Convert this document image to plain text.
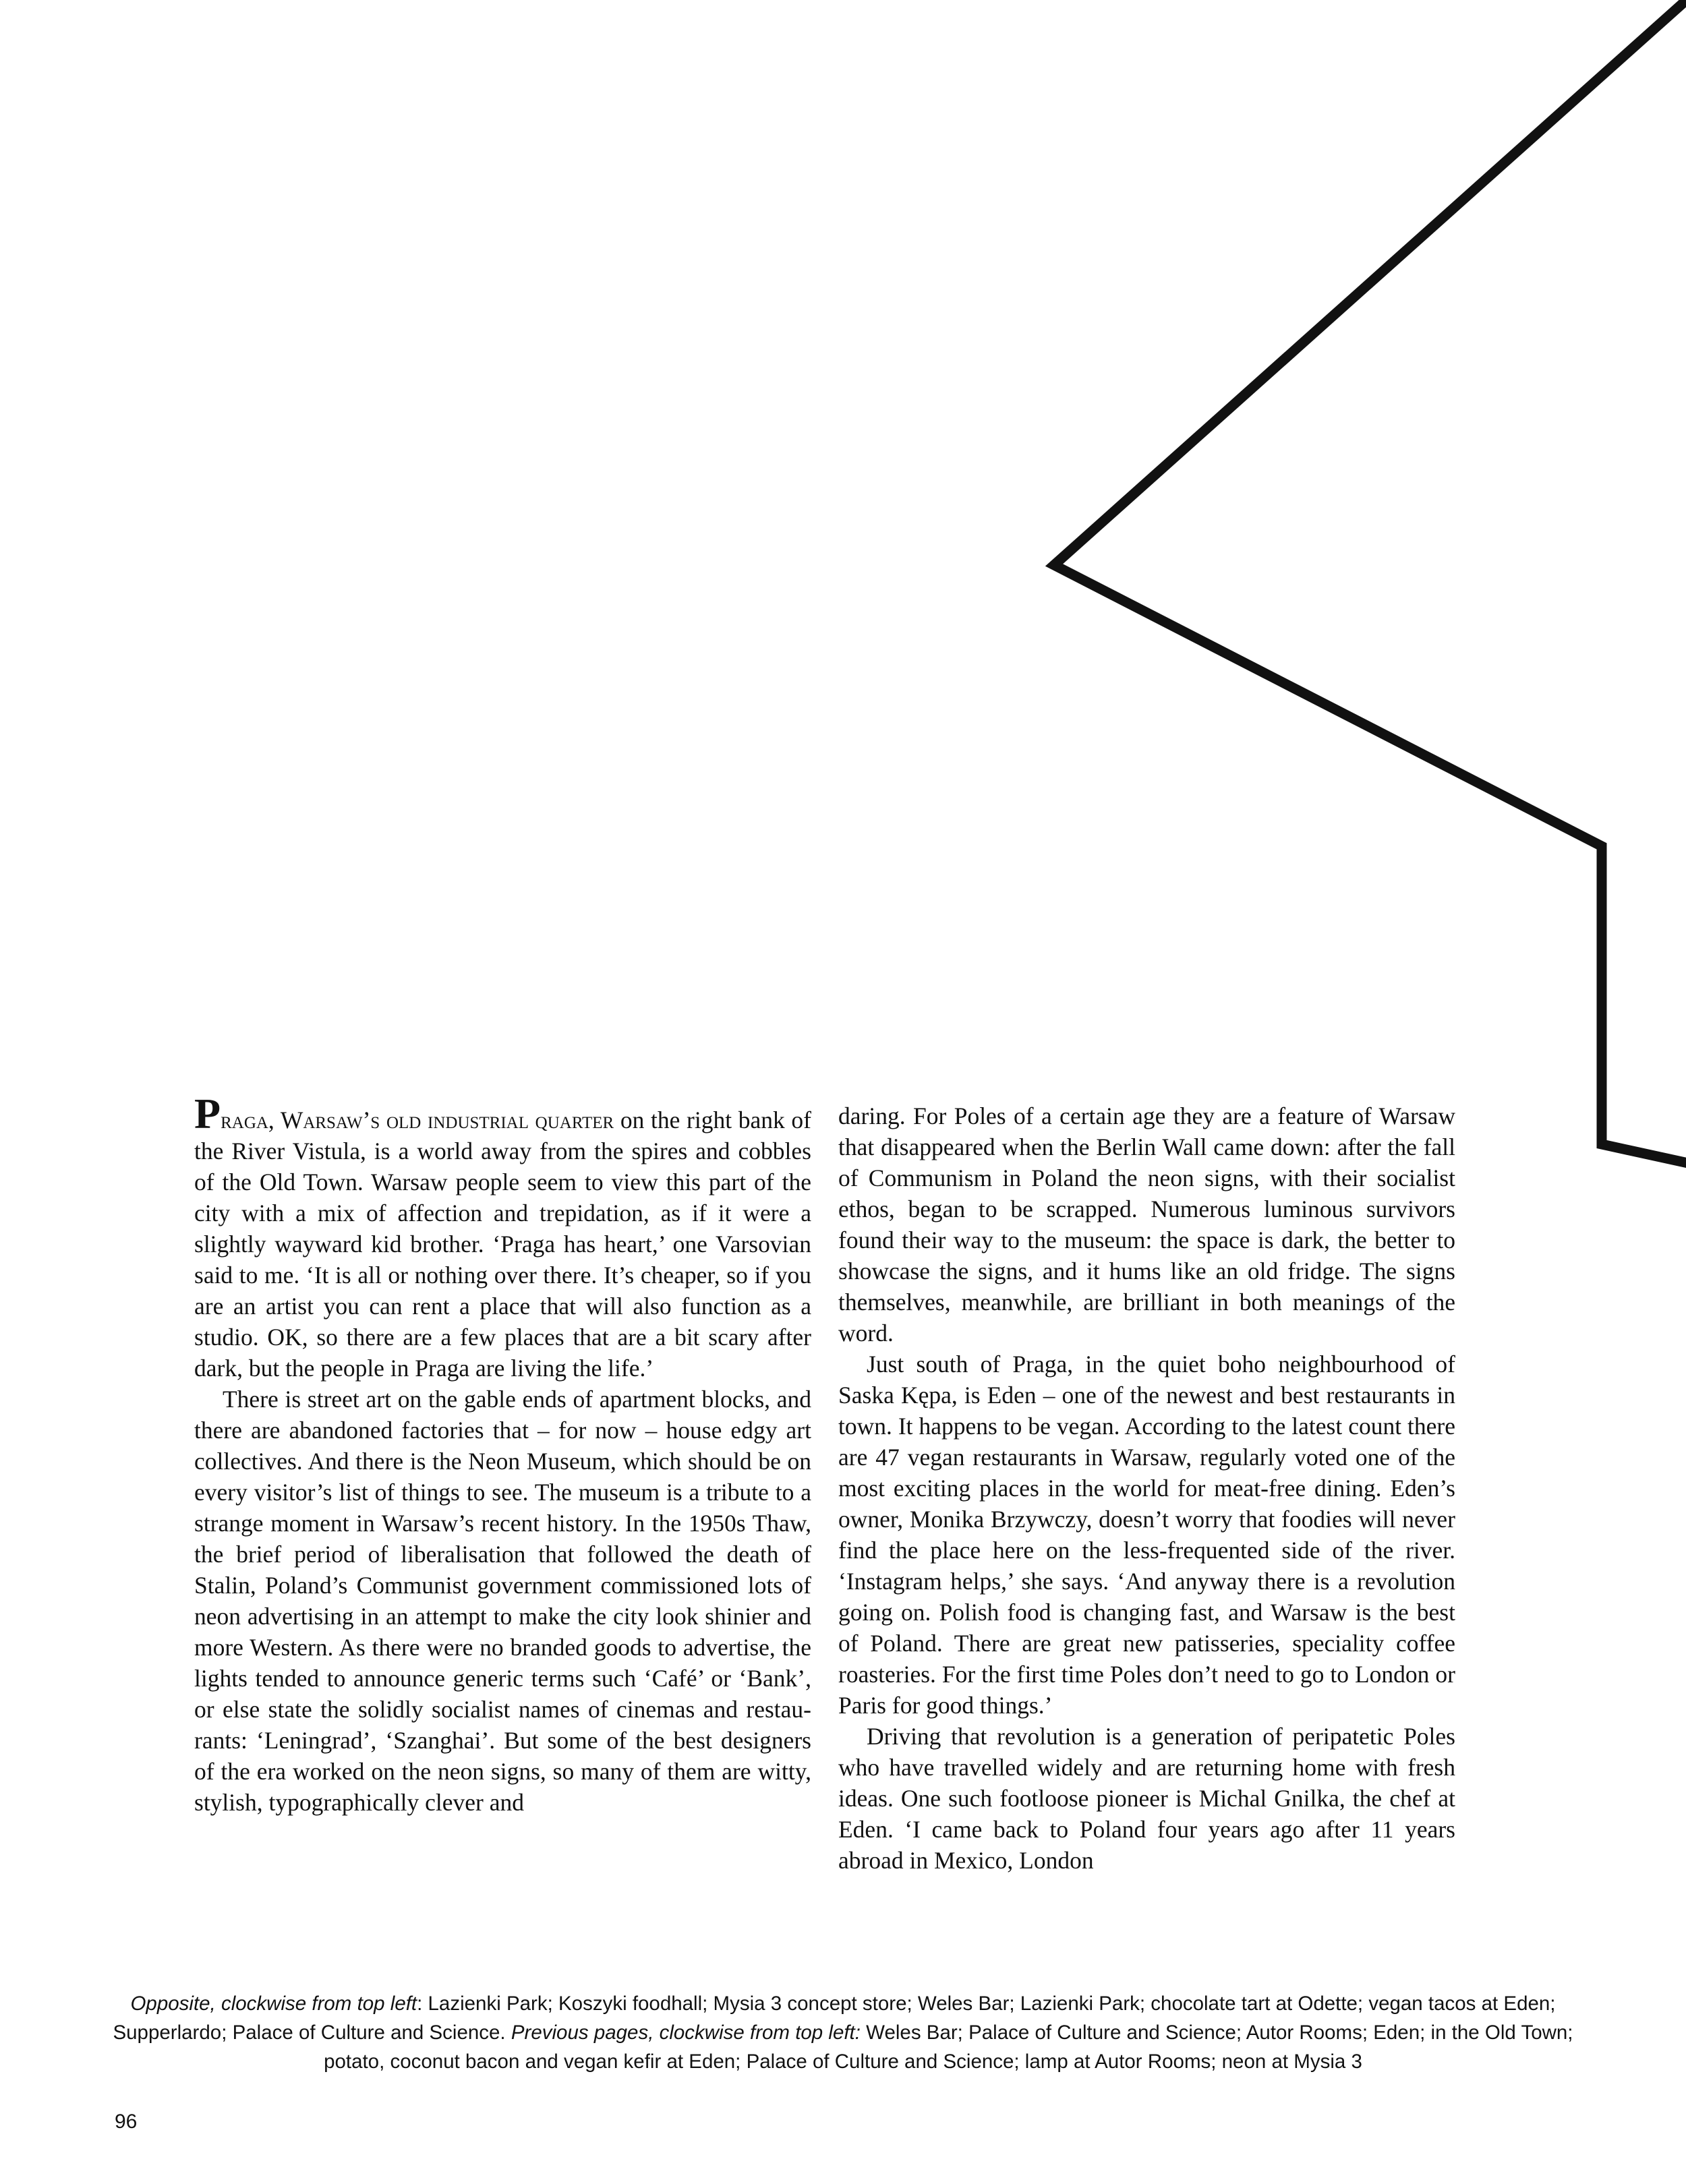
Praga, Warsaw’s old industrial quarter on the right bank of the River Vistula, is a world away from the spires and cobbles of the Old Town. Warsaw people seem to view this part of the city with a mix of affection and trepidation, as if it were a slightly wayward kid brother. ‘Praga has heart,’ one Varsovian said to me. ‘It is all or nothing over there. It’s cheaper, so if you are an artist you can rent a place that will also function as a studio. OK, so there are a few places that are a bit scary after dark, but the people in Praga are living the life.’

There is street art on the gable ends of apartment blocks, and there are abandoned factories that – for now – house edgy art collectives. And there is the Neon Museum, which should be on every visitor’s list of things to see. The museum is a tribute to a strange moment in Warsaw’s recent history. In the 1950s Thaw, the brief period of liberalisation that followed the death of Stalin, Poland’s Communist government commissioned lots of neon advertising in an attempt to make the city look shinier and more Western. As there were no branded goods to advertise, the lights tended to announce generic terms such ‘Café’ or ‘Bank’, or else state the solidly socialist names of cinemas and restaurants: ‘Leningrad’, ‘Szanghai’. But some of the best designers of the era worked on the neon signs, so many of them are witty, stylish, typographically clever and

daring. For Poles of a certain age they are a feature of Warsaw that disappeared when the Berlin Wall came down: after the fall of Communism in Poland the neon signs, with their socialist ethos, began to be scrapped. Numerous luminous survivors found their way to the museum: the space is dark, the better to showcase the signs, and it hums like an old fridge. The signs themselves, meanwhile, are brilliant in both meanings of the word.

Just south of Praga, in the quiet boho neighbourhood of Saska Kępa, is Eden – one of the newest and best restaurants in town. It happens to be vegan. According to the latest count there are 47 vegan restaurants in Warsaw, regularly voted one of the most exciting places in the world for meat-free dining. Eden’s owner, Monika Brzywczy, doesn’t worry that foodies will never find the place here on the less-frequented side of the river. ‘Instagram helps,’ she says. ‘And anyway there is a revolution going on. Polish food is changing fast, and Warsaw is the best of Poland. There are great new patisseries, speciality coffee roasteries. For the first time Poles don’t need to go to London or Paris for good things.’

Driving that revolution is a generation of peripatetic Poles who have travelled widely and are returning home with fresh ideas. One such footloose pioneer is Michal Gnilka, the chef at Eden. ‘I came back to Poland four years ago after 11 years abroad in Mexico, London

Opposite, clockwise from top left: Lazienki Park; Koszyki foodhall; Mysia 3 concept store; Weles Bar; Lazienki Park; chocolate tart at Odette; vegan tacos at Eden; Supperlardo; Palace of Culture and Science. Previous pages, clockwise from top left: Weles Bar; Palace of Culture and Science; Autor Rooms; Eden; in the Old Town; potato, coconut bacon and vegan kefir at Eden; Palace of Culture and Science; lamp at Autor Rooms; neon at Mysia 3
96
